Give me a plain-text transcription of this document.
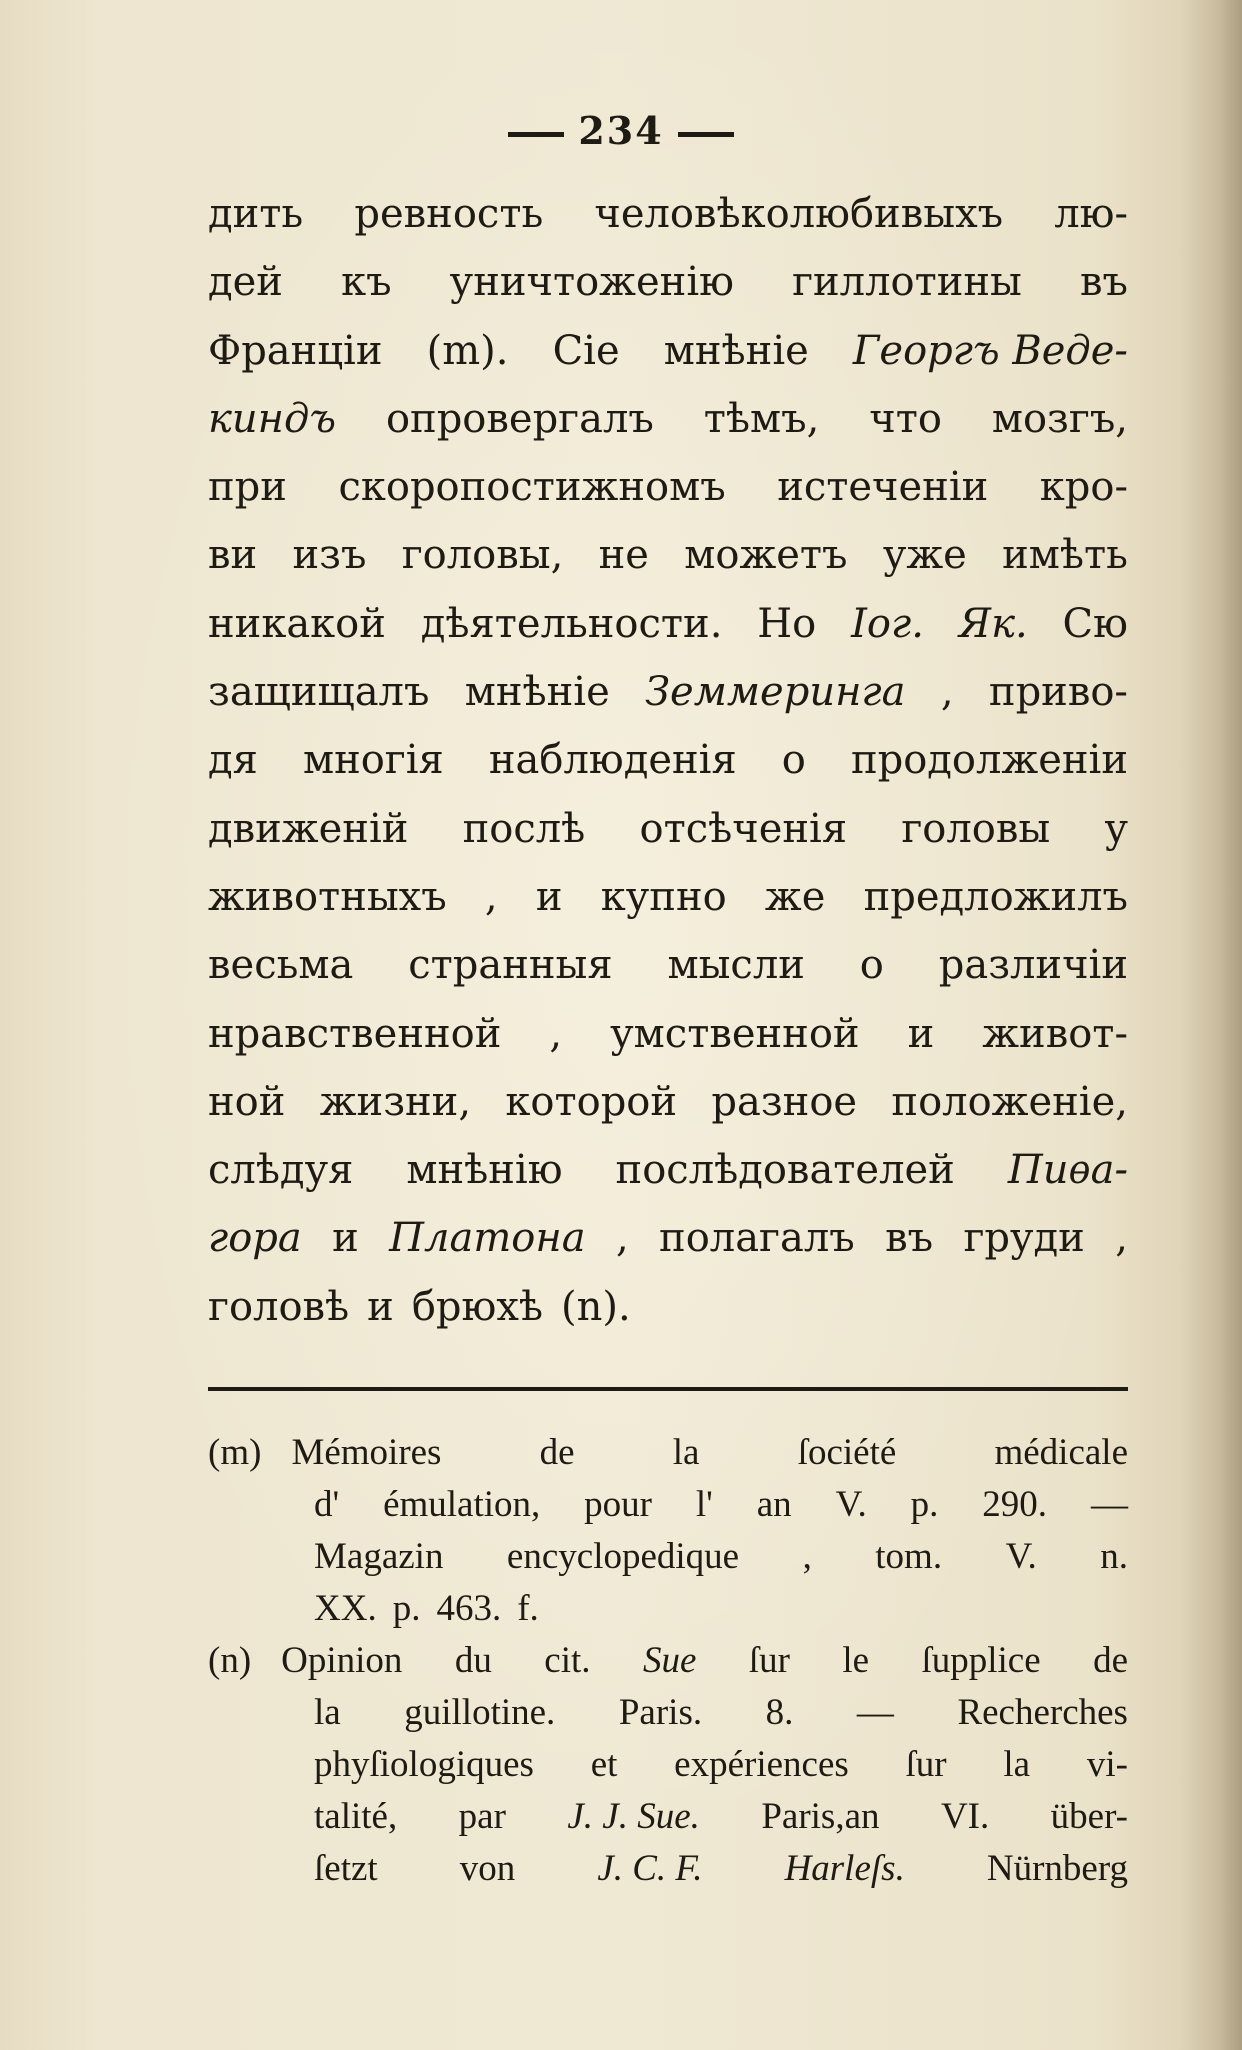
234
дить ревность человѣколюбивыхъ лю-
дей къ уничтоженію гиллотины въ
Франціи (m). Сіе мнѣніе Георгъ Веде-
киндъ опровергалъ тѣмъ, что мозгъ,
при скоропостижномъ истеченіи кро-
ви изъ головы, не можетъ уже имѣть
никакой дѣятельности. Но Іог. Як. Сю
защищалъ мнѣніе Земмеринга , приво-
дя многія наблюденія о продолженіи
движеній послѣ отсѣченія головы у
животныхъ , и купно же предложилъ
весьма странныя мысли о различіи
нравственной , умственной и живот-
ной жизни, которой разное положеніе,
слѣдуя мнѣнію послѣдователей Пиѳа-
гора и Платона , полагалъ въ груди ,
головѣ и брюхѣ (n).
(m) Mémoires	de	la	ſociété	médicale
d' émulation, pour l' an V. p. 290. —
Magazin encyclopedique , tom. V. n.
XX. p. 463. f.
(n) Opinion du cit. Sue ſur le ſupplice de
la guillotine. Paris. 8. — Recherches
phyſiologiques et expériences ſur la vi-
talité, par J. J. Sue. Paris,an VI. über-
ſetzt von J. C. F. Harleſs. Nürnberg
